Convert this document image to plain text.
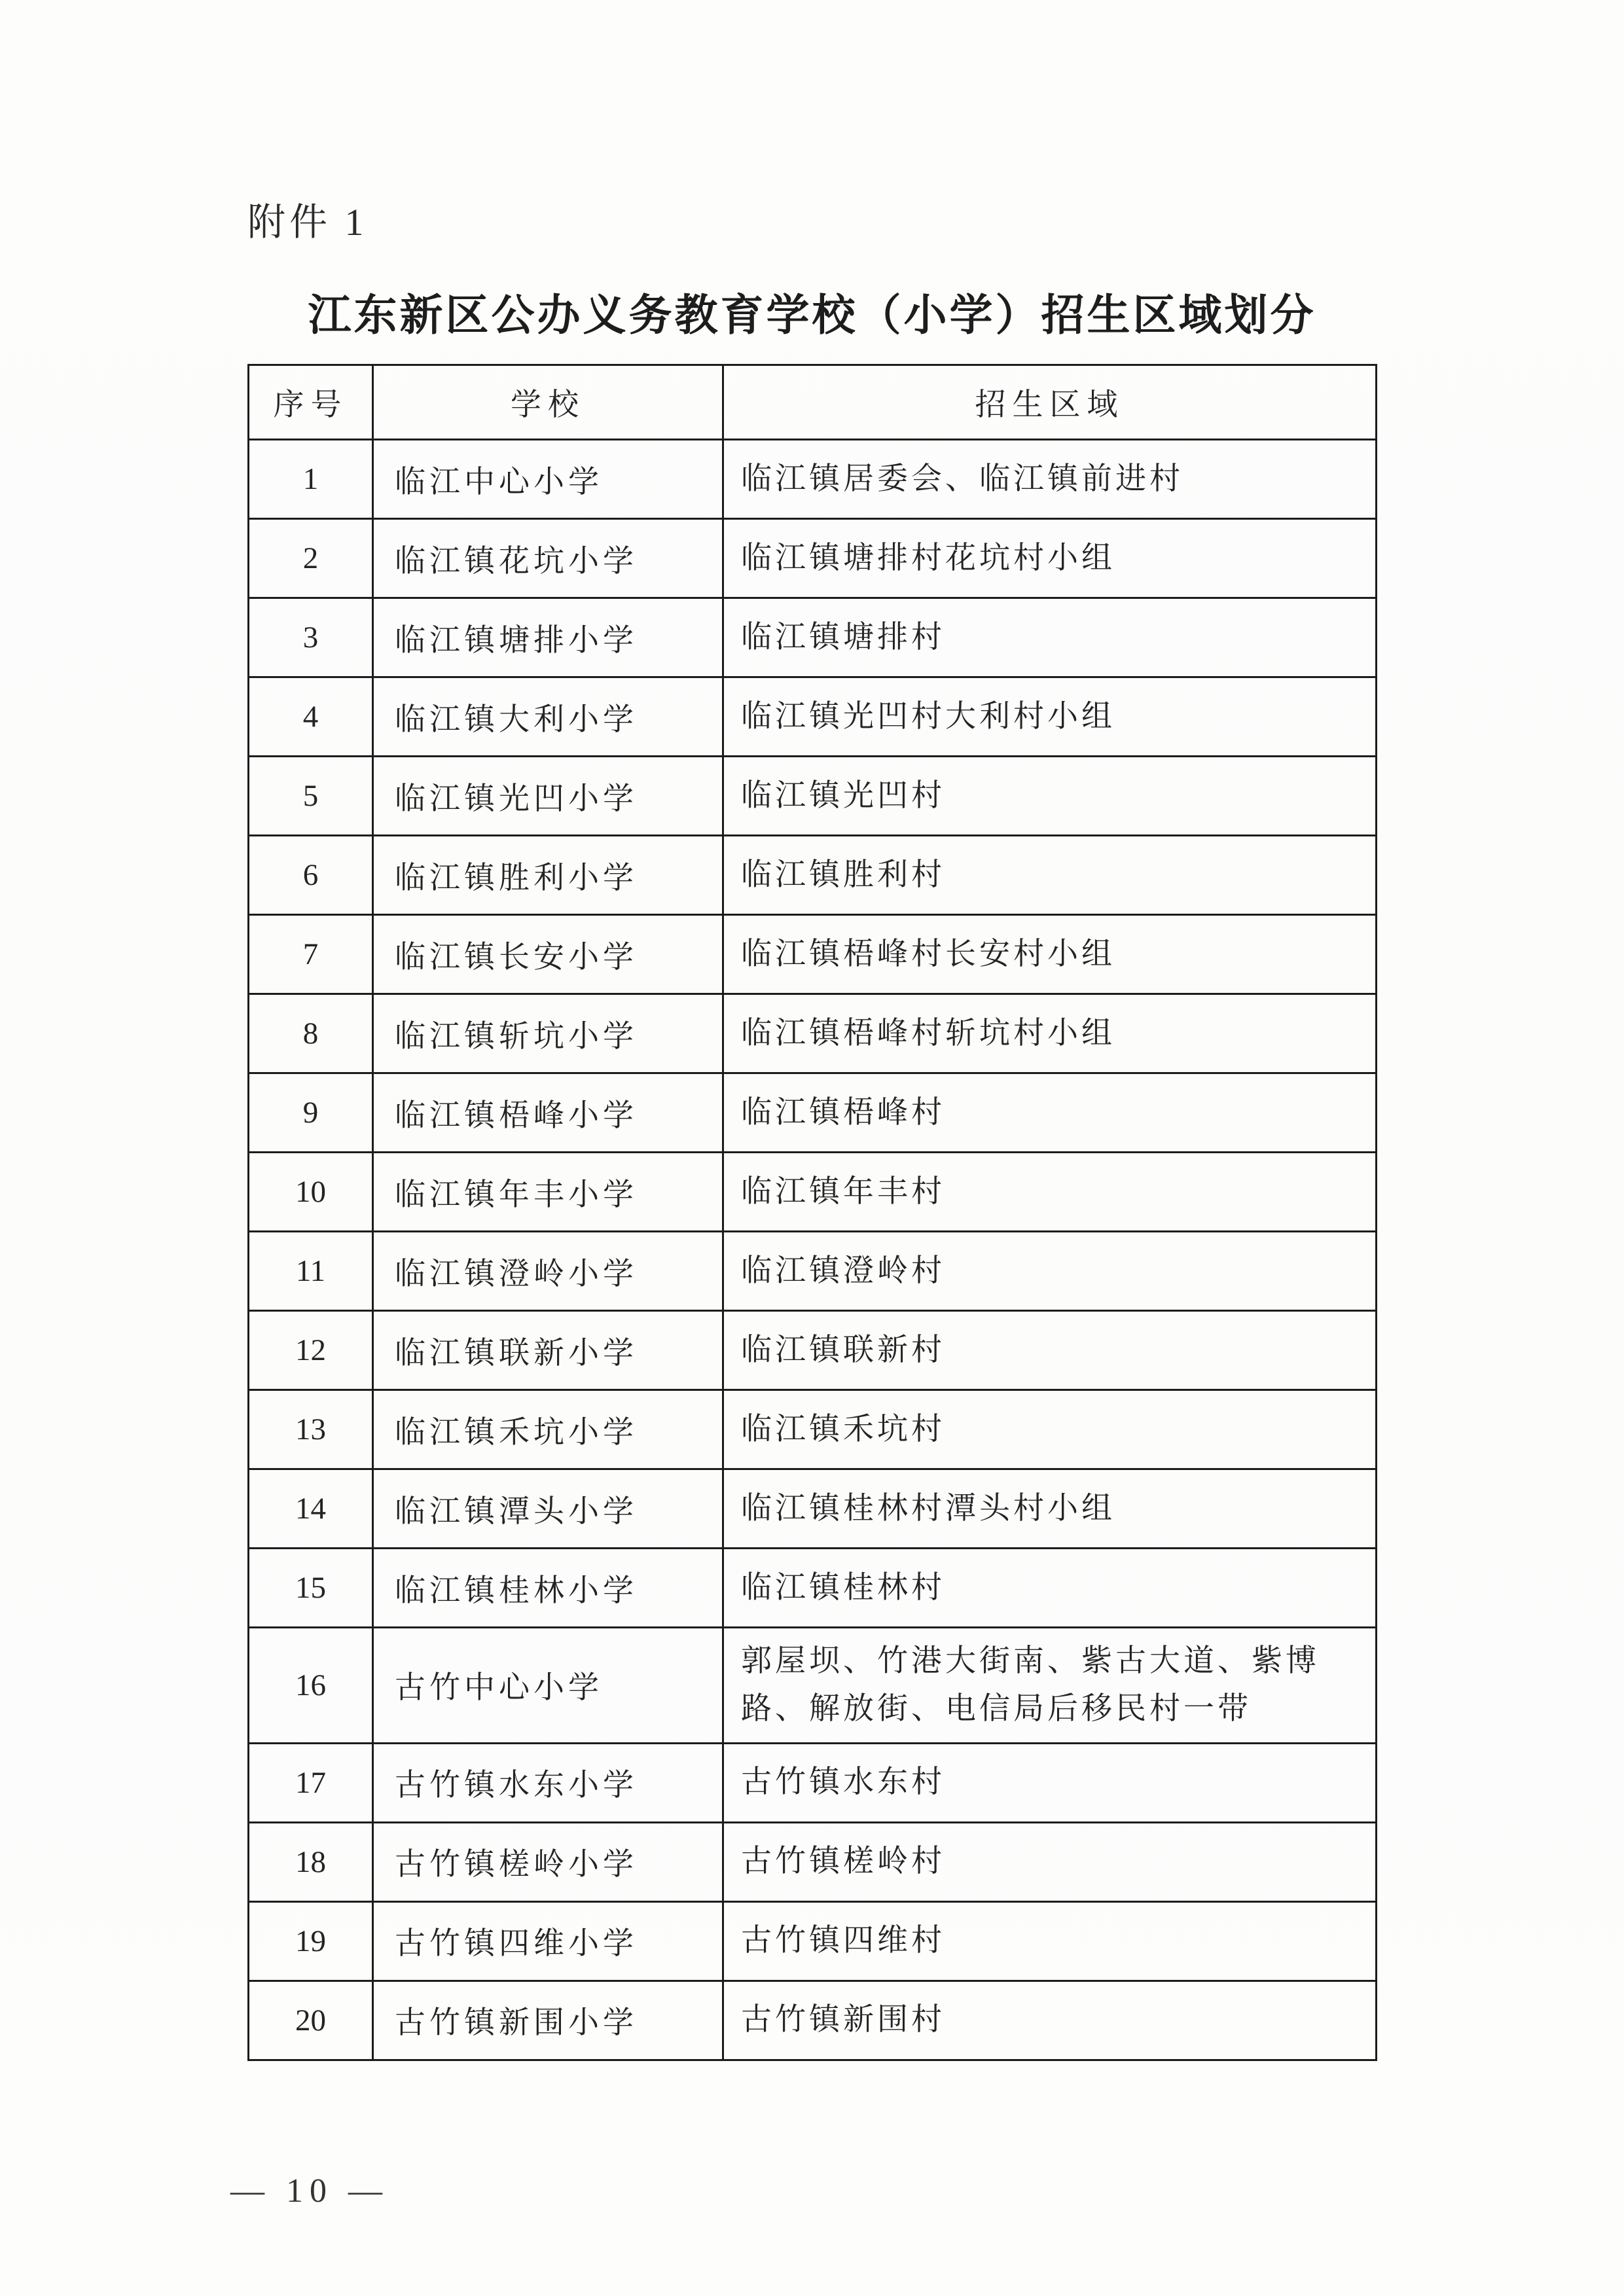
附件 1
江东新区公办义务教育学校（小学）招生区域划分
序号	学校	招生区域
1	临江中心小学	临江镇居委会、临江镇前进村
2	临江镇花坑小学	临江镇塘排村花坑村小组
3	临江镇塘排小学	临江镇塘排村
4	临江镇大利小学	临江镇光凹村大利村小组
5	临江镇光凹小学	临江镇光凹村
6	临江镇胜利小学	临江镇胜利村
7	临江镇长安小学	临江镇梧峰村长安村小组
8	临江镇斩坑小学	临江镇梧峰村斩坑村小组
9	临江镇梧峰小学	临江镇梧峰村
10	临江镇年丰小学	临江镇年丰村
11	临江镇澄岭小学	临江镇澄岭村
12	临江镇联新小学	临江镇联新村
13	临江镇禾坑小学	临江镇禾坑村
14	临江镇潭头小学	临江镇桂林村潭头村小组
15	临江镇桂林小学	临江镇桂林村
16	古竹中心小学	郭屋坝、竹港大街南、紫古大道、紫博路、解放街、电信局后移民村一带
17	古竹镇水东小学	古竹镇水东村
18	古竹镇槎岭小学	古竹镇槎岭村
19	古竹镇四维小学	古竹镇四维村
20	古竹镇新围小学	古竹镇新围村
— 10 —
